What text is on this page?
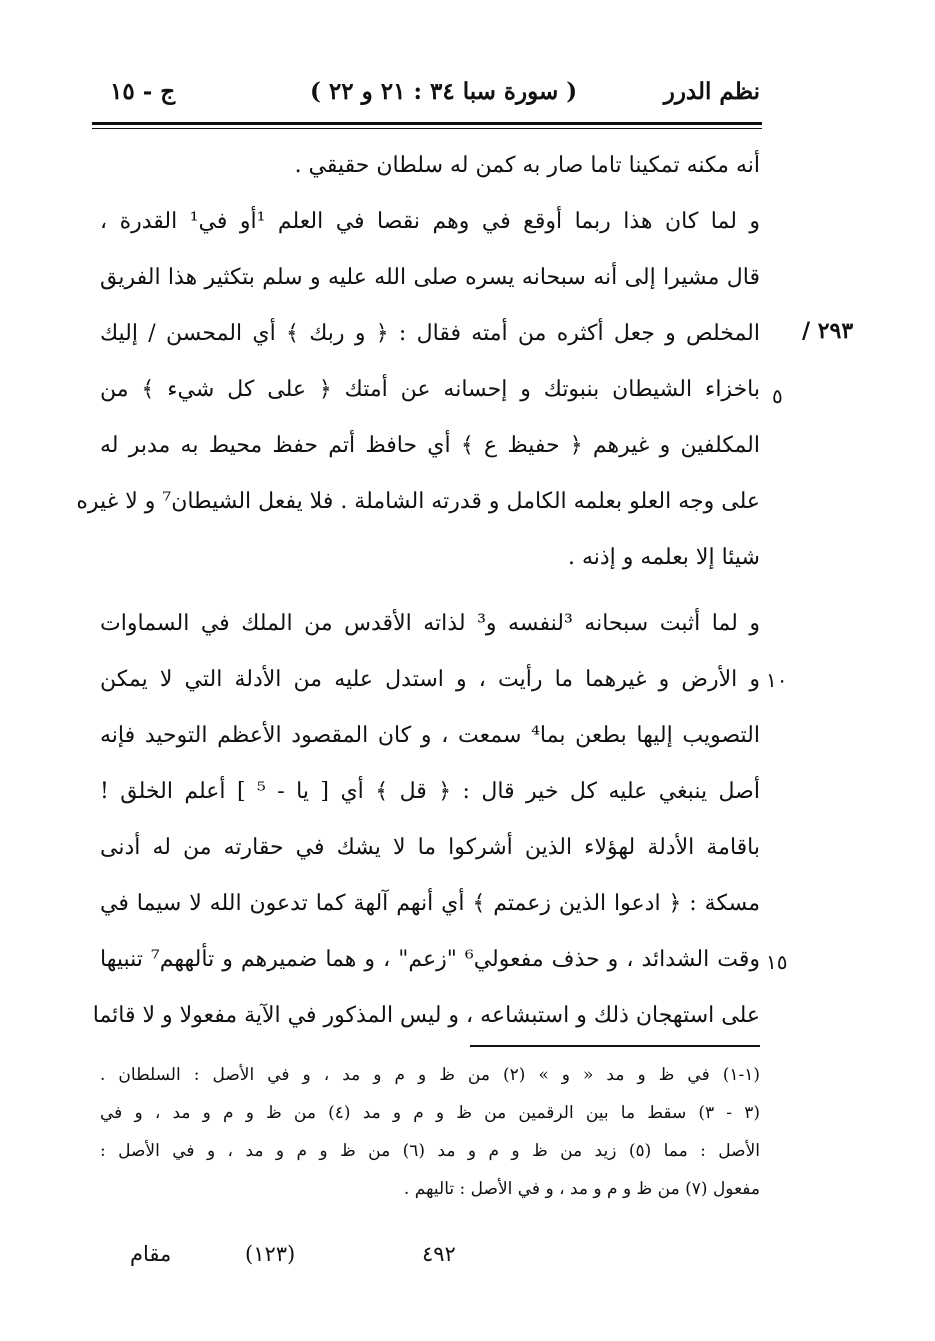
نظم الدرر
( سورة سبا ٣٤ : ٢١ و ٢٢ )
ج - ١٥
٢٩٣ /
٥
١٠
١٥
أنه مكنه تمكينا تاما صار به كمن له سلطان حقيقي .
و لما كان هذا ربما أوقع في وهم نقصا في العلم ¹أو في¹ القدرة ،
قال مشيرا إلى أنه سبحانه يسره صلى الله عليه و سلم بتكثير هذا الفريق
المخلص و جعل أكثره من أمته فقال : ﴿ و ربك ﴾ أي المحسن / إليك
باخزاء الشيطان بنبوتك و إحسانه عن أمتك ﴿ على كل شيء ﴾ من
المكلفين و غيرهم ﴿ حفيظ ع ﴾ أي حافظ أتم حفظ محيط به مدبر له
على وجه العلو بعلمه الكامل و قدرته الشاملة . فلا يفعل الشيطان⁷ و لا غيره
شيئا إلا بعلمه و إذنه .
و لما أثبت سبحانه ³لنفسه و³ لذاته الأقدس من الملك في السماوات
و الأرض و غيرهما ما رأيت ، و استدل عليه من الأدلة التي لا يمكن
التصويب إليها بطعن بما⁴ سمعت ، و كان المقصود الأعظم التوحيد فإنه
أصل ينبغي عليه كل خير قال : ﴿ قل ﴾ أي [ يا - ⁵ ] أعلم الخلق !
باقامة الأدلة لهؤلاء الذين أشركوا ما لا يشك في حقارته من له أدنى
مسكة : ﴿ ادعوا الذين زعمتم ﴾ أي أنهم آلهة كما تدعون الله لا سيما في
وقت الشدائد ، و حذف مفعولي⁶ "زعم" ، و هما ضميرهم و تألههم⁷ تنبيها
على استهجان ذلك و استبشاعه ، و ليس المذكور في الآية مفعولا و لا قائما
(١-١) في ظ و مد « و » (٢) من ظ و م و مد ، و في الأصل : السلطان .
(٣ - ٣) سقط ما بين الرقمين من ظ و م و مد (٤) من ظ و م و مد ، و في
الأصل : مما (٥) زيد من ظ و م و مد (٦) من ظ و م و مد ، و في الأصل :
مفعول (٧) من ظ و م و مد ، و في الأصل : تاليهم .
مقام	(١٢٣)	٤٩٢
